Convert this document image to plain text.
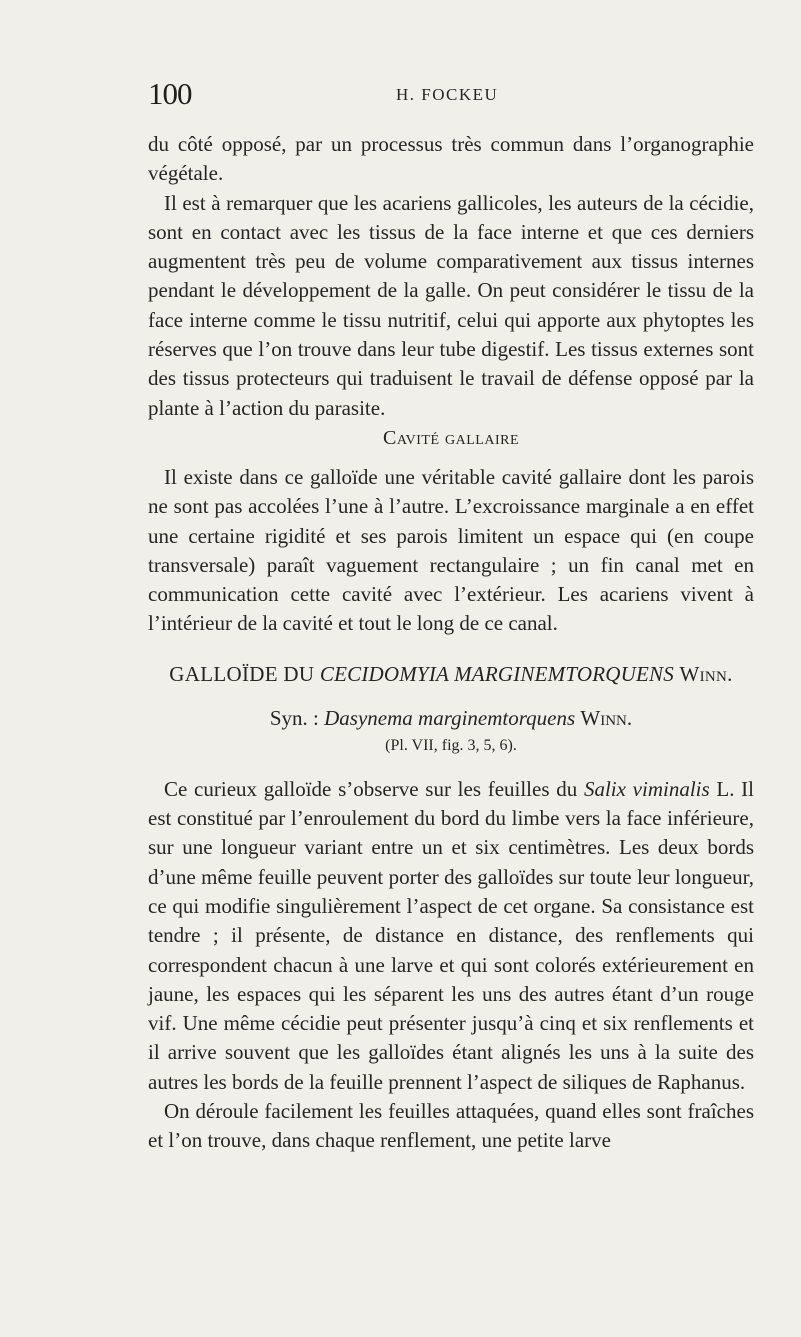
100	H. FOCKEU

du côté opposé, par un processus très commun dans l’organographie végétale.

Il est à remarquer que les acariens gallicoles, les auteurs de la cécidie, sont en contact avec les tissus de la face interne et que ces derniers augmentent très peu de volume comparativement aux tissus internes pendant le développement de la galle. On peut considérer le tissu de la face interne comme le tissu nutritif, celui qui apporte aux phytoptes les réserves que l’on trouve dans leur tube digestif. Les tissus externes sont des tissus protecteurs qui traduisent le travail de défense opposé par la plante à l’action du parasite.

Cavité gallaire

Il existe dans ce galloïde une véritable cavité gallaire dont les parois ne sont pas accolées l’une à l’autre. L’excroissance marginale a en effet une certaine rigidité et ses parois limitent un espace qui (en coupe transversale) paraît vaguement rectangulaire ; un fin canal met en communication cette cavité avec l’extérieur. Les acariens vivent à l’intérieur de la cavité et tout le long de ce canal.

GALLOÏDE DU CECIDOMYIA MARGINEMTORQUENS Winn.
Syn. : Dasynema marginemtorquens Winn.
(Pl. VII, fig. 3, 5, 6).

Ce curieux galloïde s’observe sur les feuilles du Salix viminalis L. Il est constitué par l’enroulement du bord du limbe vers la face inférieure, sur une longueur variant entre un et six centimètres. Les deux bords d’une même feuille peuvent porter des galloïdes sur toute leur longueur, ce qui modifie singulièrement l’aspect de cet organe. Sa consistance est tendre ; il présente, de distance en distance, des renflements qui correspondent chacun à une larve et qui sont colorés extérieurement en jaune, les espaces qui les séparent les uns des autres étant d’un rouge vif. Une même cécidie peut présenter jusqu’à cinq et six renflements et il arrive souvent que les galloïdes étant alignés les uns à la suite des autres les bords de la feuille prennent l’aspect de siliques de Raphanus.

On déroule facilement les feuilles attaquées, quand elles sont fraîches et l’on trouve, dans chaque renflement, une petite larve
